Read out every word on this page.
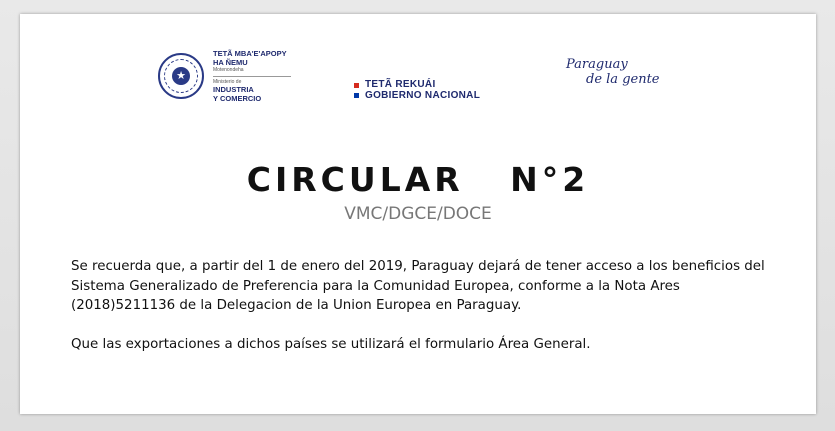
★
TETÃ MBA'E'APOPY
HA ÑEMU
Motenondeha
Ministerio de
INDUSTRIA
Y COMERCIO
TETÃ REKUÁI
GOBIERNO NACIONAL
Paraguay
de la gente
CIRCULAR   N°2
VMC/DGCE/DOCE

Se recuerda que, a partir del 1 de enero del 2019, Paraguay dejará de tener acceso a los beneficios del Sistema Generalizado de Preferencia para la Comunidad Europea, conforme a la Nota Ares (2018)5211136 de la Delegacion de la Union Europea en Paraguay.

Que las exportaciones a dichos países se utilizará el formulario Área General.
